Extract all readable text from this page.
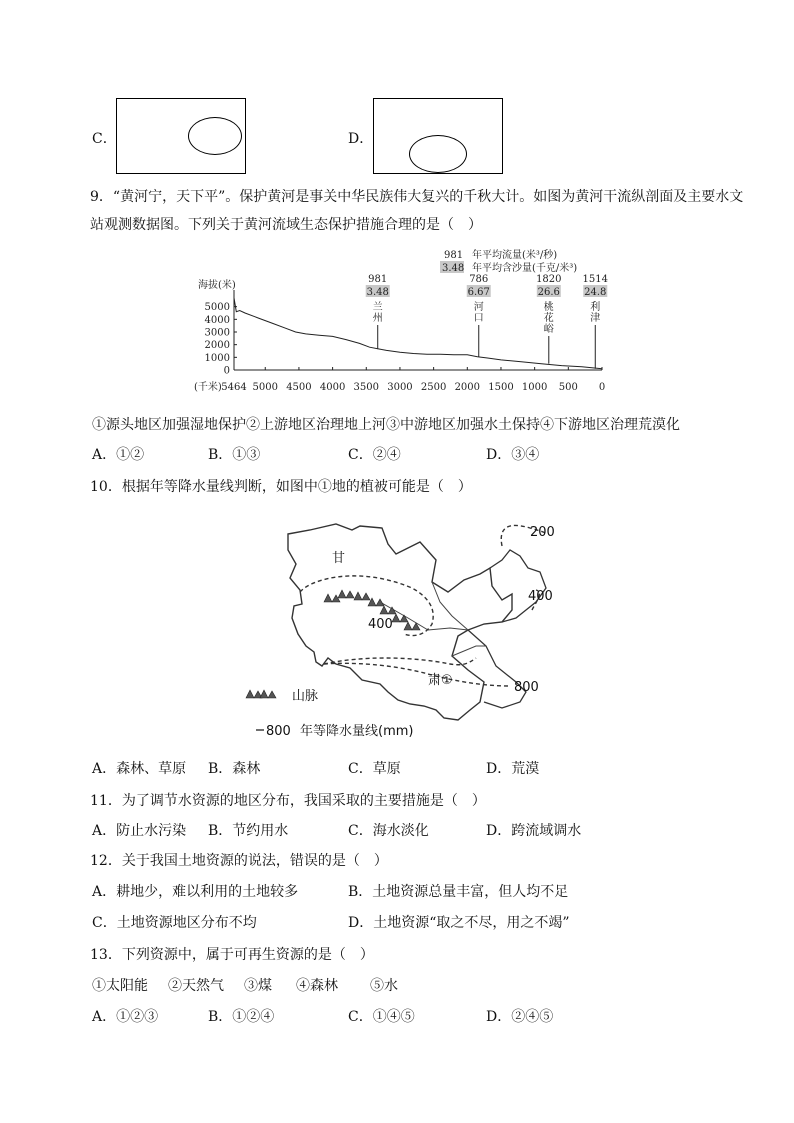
C．	D．
9．“黄河宁，天下平”。保护黄河是事关中华民族伟大复兴的千秋大计。如图为黄河干流纵剖面及主要水文
站观测数据图。下列关于黄河流域生态保护措施合理的是（　）
981 年平均流量(米³/秒)
3.48 年平均含沙量(千克/米³)
海拔(米)
5000
4000
3000
2000
1000
0
(千米) 5464 5000 4500 4000 3500 3000 2500 2000 1500 1000 500 0
981
3.48
兰
州
786
6.67
河
口
1820
26.6
桃
花
峪
1514
24.8
利
津
①源头地区加强湿地保护②上游地区治理地上河③中游地区加强水土保持④下游地区治理荒漠化
A．①②	B．①③	C．②④	D．③④
10．根据年等降水量线判断，如图中①地的植被可能是（　）
甘
肃①
200
400
400
800
山脉
800 年等降水量线(mm)
A．森林、草原 B．森林	C．草原	D．荒漠
11．为了调节水资源的地区分布，我国采取的主要措施是（　）
A．防止水污染 B．节约用水	C．海水淡化	D．跨流域调水
12．关于我国土地资源的说法，错误的是（　）
A．耕地少，难以利用的土地较多	B．土地资源总量丰富，但人均不足
C．土地资源地区分布不均	D．土地资源“取之不尽，用之不竭”
13．下列资源中，属于可再生资源的是（　）
①太阳能 ②天然气 ③煤 ④森林 ⑤水
A．①②③	B．①②④	C．①④⑤	D．②④⑤
